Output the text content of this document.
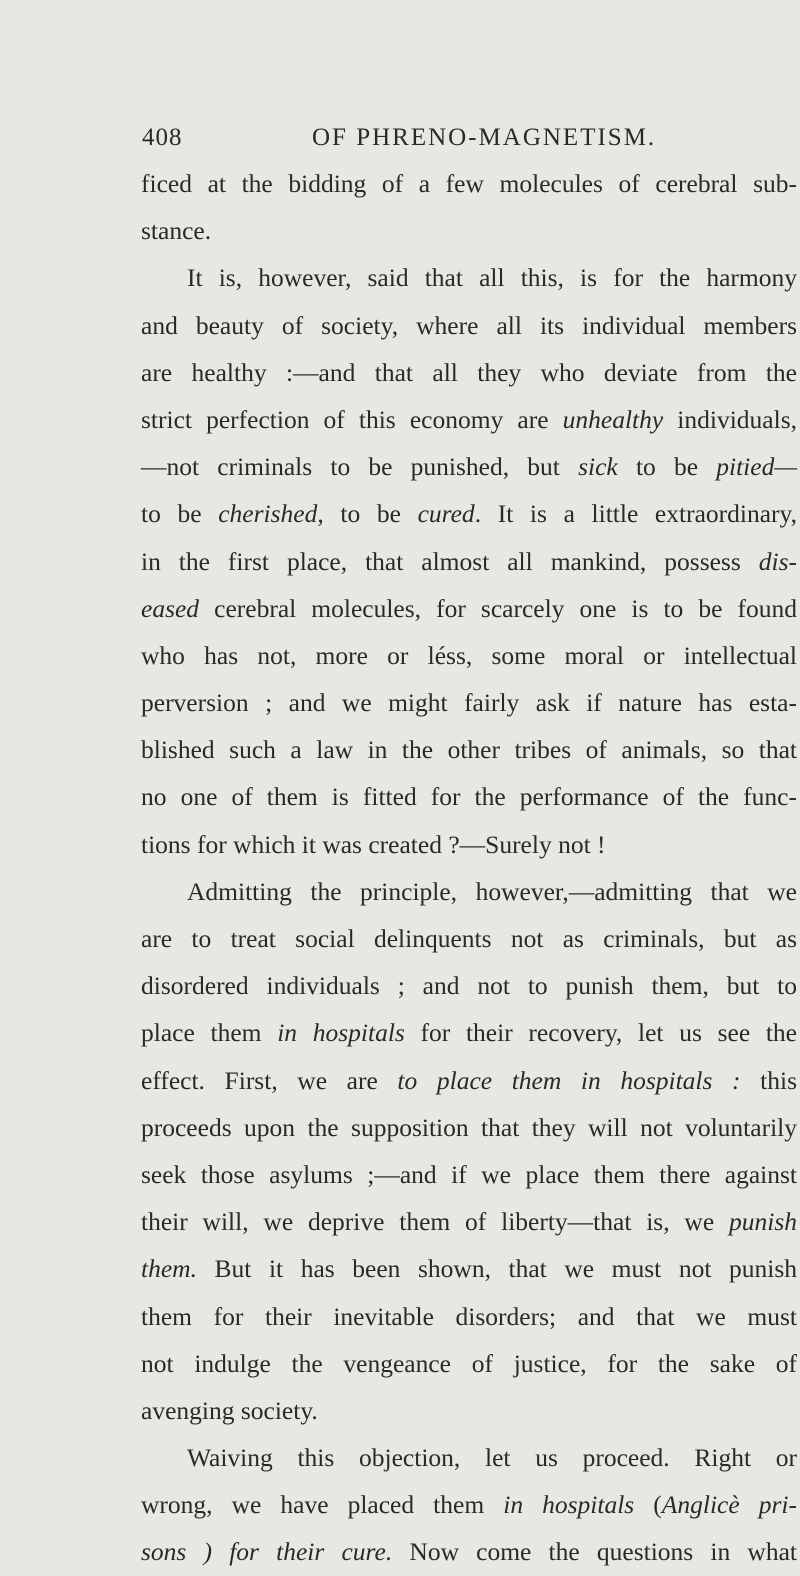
408	OF PHRENO-MAGNETISM.
ficed at the bidding of a few molecules of cerebral sub-
stance.
It is, however, said that all this, is for the harmony
and beauty of society, where all its individual members
are healthy :—and that all they who deviate from the
strict perfection of this economy are unhealthy individuals,
—not criminals to be punished, but sick to be pitied—
to be cherished, to be cured. It is a little extraordinary,
in the first place, that almost all mankind, possess dis-
eased cerebral molecules, for scarcely one is to be found
who has not, more or léss, some moral or intellectual
perversion ; and we might fairly ask if nature has esta-
blished such a law in the other tribes of animals, so that
no one of them is fitted for the performance of the func-
tions for which it was created ?—Surely not !
Admitting the principle, however,—admitting that we
are to treat social delinquents not as criminals, but as
disordered individuals ; and not to punish them, but to
place them in hospitals for their recovery, let us see the
effect. First, we are to place them in hospitals : this
proceeds upon the supposition that they will not voluntarily
seek those asylums ;—and if we place them there against
their will, we deprive them of liberty—that is, we punish
them. But it has been shown, that we must not punish
them for their inevitable disorders; and that we must
not indulge the vengeance of justice, for the sake of
avenging society.
Waiving this objection, let us proceed. Right or
wrong, we have placed them in hospitals (Anglicè pri-
sons ) for their cure. Now come the questions in what
